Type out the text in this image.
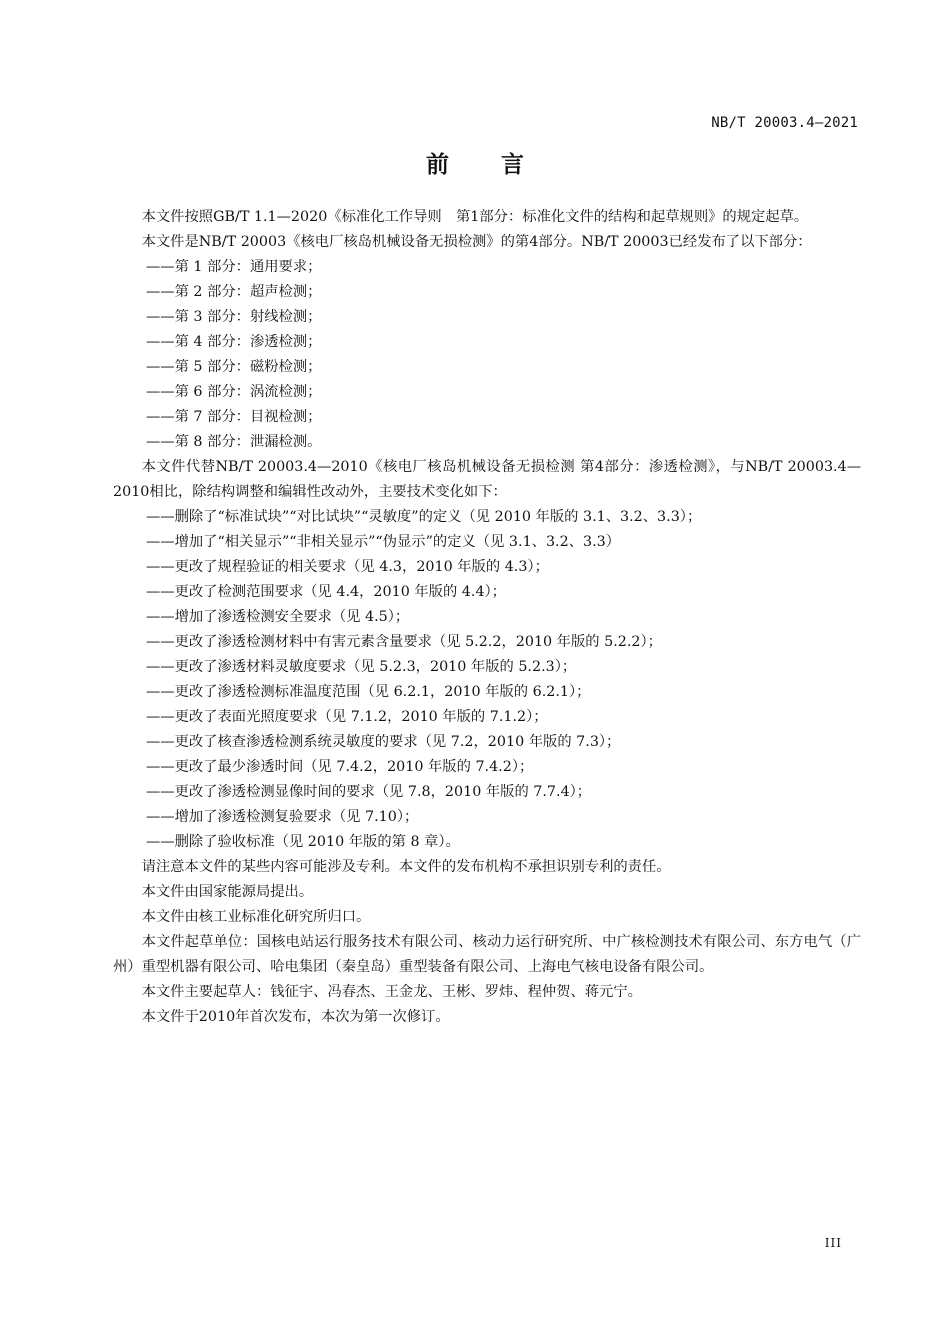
NB/T 20003.4—2021
前言

本文件按照GB/T 1.1—2020《标准化工作导则　第1部分：标准化文件的结构和起草规则》的规定起草。

本文件是NB/T 20003《核电厂核岛机械设备无损检测》的第4部分。NB/T 20003已经发布了以下部分：

——第 1 部分：通用要求；
——第 2 部分：超声检测；
——第 3 部分：射线检测；
——第 4 部分：渗透检测；
——第 5 部分：磁粉检测；
——第 6 部分：涡流检测；
——第 7 部分：目视检测；
——第 8 部分：泄漏检测。

本文件代替NB/T 20003.4—2010《核电厂核岛机械设备无损检测 第4部分：渗透检测》，与NB/T 20003.4—2010相比，除结构调整和编辑性改动外，主要技术变化如下：

——删除了“标准试块”“对比试块”“灵敏度”的定义（见 2010 年版的 3.1、3.2、3.3）；
——增加了“相关显示”“非相关显示”“伪显示”的定义（见 3.1、3.2、3.3）
——更改了规程验证的相关要求（见 4.3，2010 年版的 4.3）；
——更改了检测范围要求（见 4.4，2010 年版的 4.4）；
——增加了渗透检测安全要求（见 4.5）；
——更改了渗透检测材料中有害元素含量要求（见 5.2.2，2010 年版的 5.2.2）；
——更改了渗透材料灵敏度要求（见 5.2.3，2010 年版的 5.2.3）；
——更改了渗透检测标准温度范围（见 6.2.1，2010 年版的 6.2.1）；
——更改了表面光照度要求（见 7.1.2，2010 年版的 7.1.2）；
——更改了核查渗透检测系统灵敏度的要求（见 7.2，2010 年版的 7.3）；
——更改了最少渗透时间（见 7.4.2，2010 年版的 7.4.2）；
——更改了渗透检测显像时间的要求（见 7.8，2010 年版的 7.7.4）；
——增加了渗透检测复验要求（见 7.10）；
——删除了验收标准（见 2010 年版的第 8 章）。

请注意本文件的某些内容可能涉及专利。本文件的发布机构不承担识别专利的责任。

本文件由国家能源局提出。

本文件由核工业标准化研究所归口。

本文件起草单位：国核电站运行服务技术有限公司、核动力运行研究所、中广核检测技术有限公司、东方电气（广州）重型机器有限公司、哈电集团（秦皇岛）重型装备有限公司、上海电气核电设备有限公司。

本文件主要起草人：钱征宇、冯春杰、王金龙、王彬、罗炜、程仲贺、蒋元宁。

本文件于2010年首次发布，本次为第一次修订。

III
